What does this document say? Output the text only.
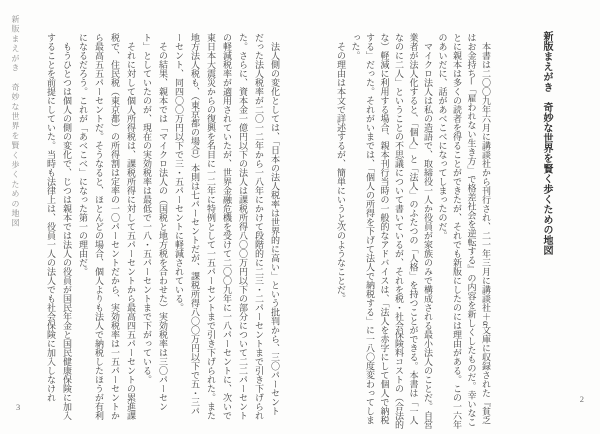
新版まえがき　奇妙な世界を賢く歩くための地図

本書は二〇〇九年六月に講談社から刊行され、二一年三月に講談社＋α文庫に収録された『貧乏はお金持ち─「雇われない生き方」で格差社会を逆転する』の内容を新しくしたものだ。幸いなことに親本は多くの読者を得ることができたが、それでも新版にしたのには理由がある。この一六年のあいだに、話があべこべになってしまったのだ。

マイクロ法人は私の造語で、取締役一人か役員が家族のみで構成される最小法人のことだ。自営業者が法人化すると、「個人」と「法人」のふたつの「人格」を持つことができる。本書は「一人なのに二人」ということの不思議について書いているが、それを税・社会保険料コストの（合法的な）軽減に利用する場合、親本刊行当時の一般的なアドバイスは、「法人を赤字にして個人で納税する」だった。それがいまでは、「個人の所得を下げて法人で納税する」に一八〇度変わってしまった。

その理由は本文で詳述するが、簡単にいうと次のようなことだ。

2
新版まえがき　奇妙な世界を賢く歩くための地図	法人側の変化としては、「日本の法人税率は世界的に高い」という批判から、三〇パーセントだった法人税率が二〇一二年から一八年にかけて段階的に二三・二パーセントまで引き下げられた。さらに、資本金一億円以下の法人は課税所得八〇〇万円以下の部分について二二パーセントの軽減税率が適用されていたが、世界金融危機を受けて二〇〇九年に一八パーセントに、次いで東日本大震災からの復興を名目に一二年に特例として一五パーセントまで引き下げられた。また地方法人税も、（東京都の場合）本則は七パーセントだが、課税所得八〇〇万円以下で五・三パーセント、同四〇〇万円以下で三・五パーセントに軽減されている。

その結果、親本では「マイクロ法人の（国税と地方税を合わせた）実効税率は三〇パーセント」としていたのが、現在の実効税率は最低で一八・五パーセントまで下がっている。

それに対して個人所得税は、課税所得に対して五パーセントから最高四五パーセントの累進課税で、住民税（東京都）の所得割は定率の一〇パーセントだから、実効税率は一五パーセントから最高五五パーセントだ。そうなると、ほとんどの場合、個人よりも法人で納税したほうが有利になるだろう。これが「あべこべ」になった第一の理由だ。

もうひとつは個人の側の変化で、じつは親本では法人の役員が国民年金と国民健康保険に加入することを前提にしていた。当時も法律上は、役員一人の法人でも社会保険に加入しなけれ

3
